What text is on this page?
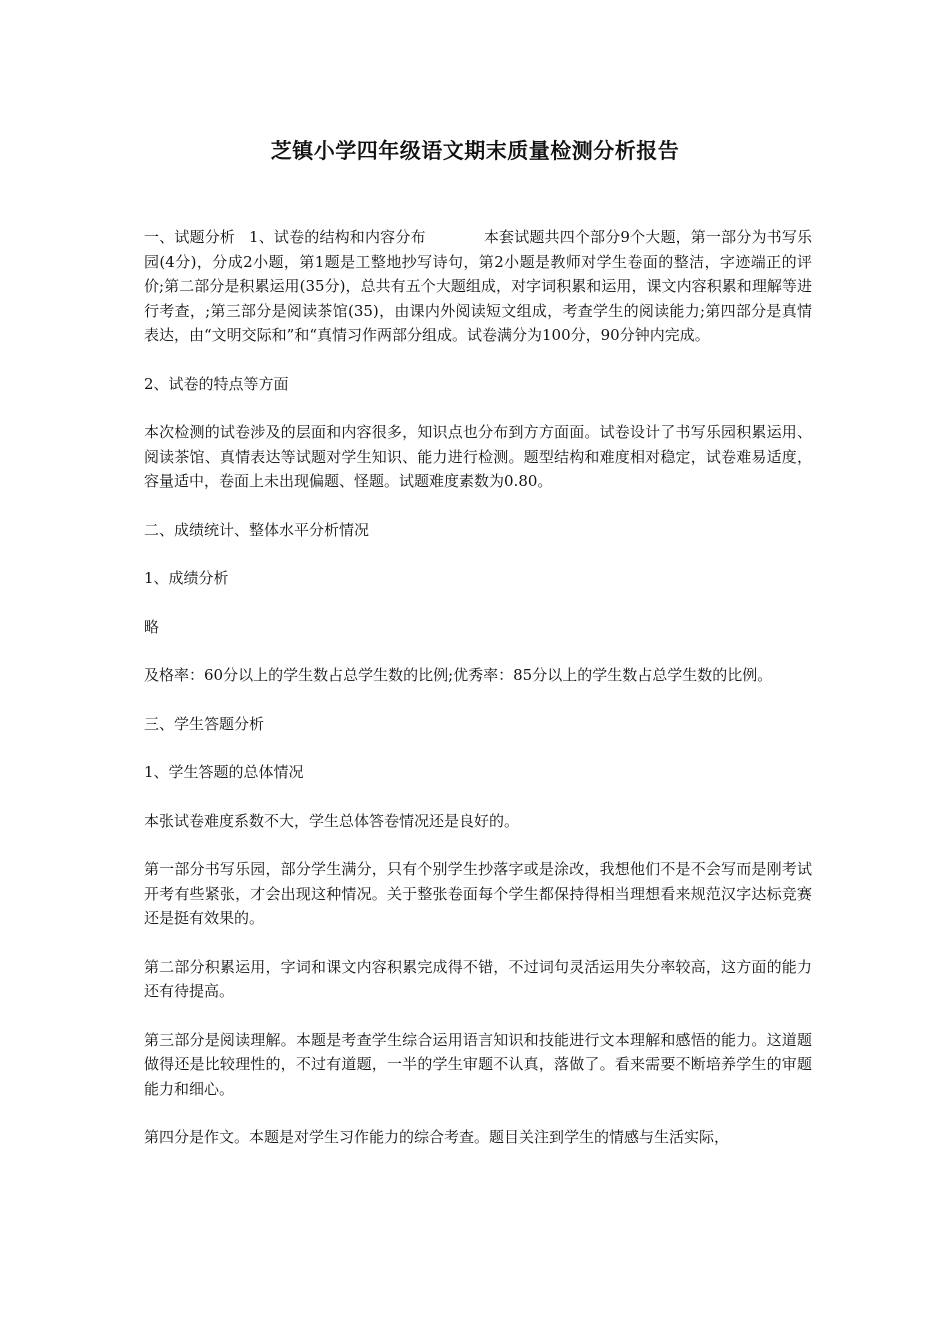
芝镇小学四年级语文期末质量检测分析报告

一、试题分析 1、试卷的结构和内容分布	本套试题共四个部分9个大题，第一部分为书写乐园(4分)，分成2小题，第1题是工整地抄写诗句，第2小题是教师对学生卷面的整洁，字迹端正的评价;第二部分是积累运用(35分)，总共有五个大题组成，对字词积累和运用，课文内容积累和理解等进行考查，;第三部分是阅读茶馆(35)，由课内外阅读短文组成，考查学生的阅读能力;第四部分是真情表达，由“文明交际和”和“真情习作两部分组成。试卷满分为100分，90分钟内完成。

2、试卷的特点等方面

本次检测的试卷涉及的层面和内容很多，知识点也分布到方方面面。试卷设计了书写乐园积累运用、阅读茶馆、真情表达等试题对学生知识、能力进行检测。题型结构和难度相对稳定，试卷难易适度，容量适中，卷面上未出现偏题、怪题。试题难度素数为0.80。

二、成绩统计、整体水平分析情况

1、成绩分析

略

及格率：60分以上的学生数占总学生数的比例;优秀率：85分以上的学生数占总学生数的比例。

三、学生答题分析

1、学生答题的总体情况

本张试卷难度系数不大，学生总体答卷情况还是良好的。

第一部分书写乐园，部分学生满分，只有个别学生抄落字或是涂改，我想他们不是不会写而是刚考试开考有些紧张，才会出现这种情况。关于整张卷面每个学生都保持得相当理想看来规范汉字达标竞赛还是挺有效果的。

第二部分积累运用，字词和课文内容积累完成得不错，不过词句灵活运用失分率较高，这方面的能力还有待提高。

第三部分是阅读理解。本题是考查学生综合运用语言知识和技能进行文本理解和感悟的能力。这道题做得还是比较理性的，不过有道题，一半的学生审题不认真，落做了。看来需要不断培养学生的审题能力和细心。

第四分是作文。本题是对学生习作能力的综合考查。题目关注到学生的情感与生活实际，
